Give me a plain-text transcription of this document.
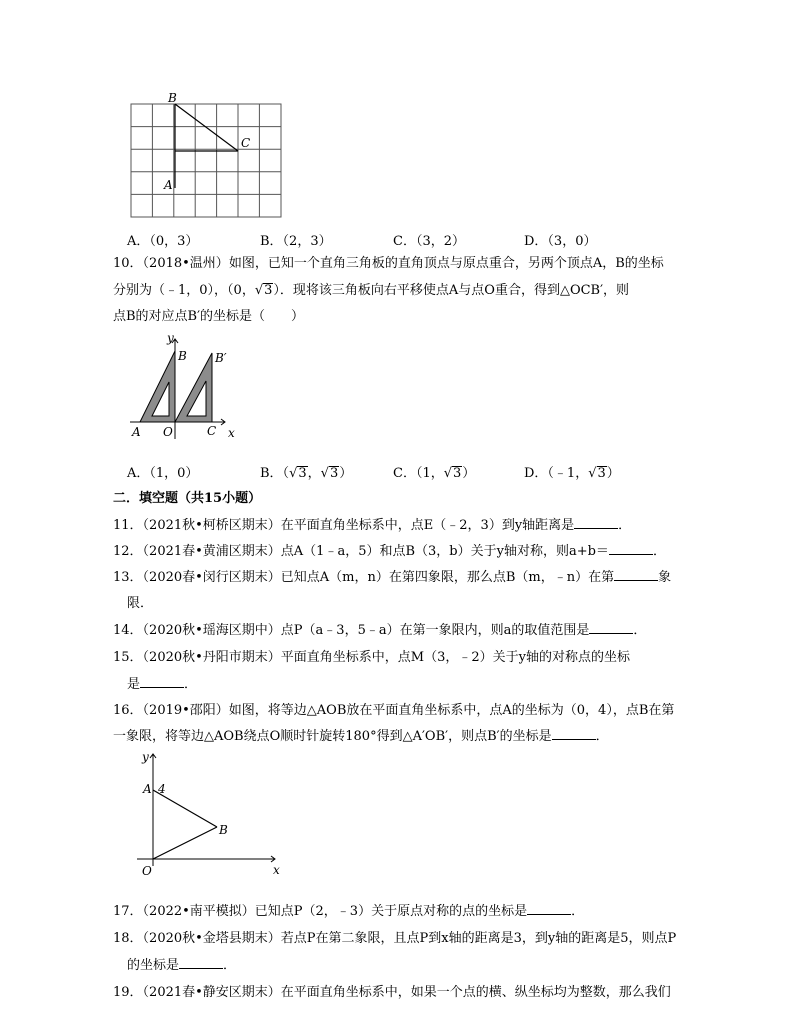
B
C
A
A．（0，3）	B．（2，3）	C．（3，2）	D．（3，0）
10．（2018•温州）如图，已知一个直角三角板的直角顶点与原点重合，另两个顶点A，B的坐标
分别为（﹣1，0），（0，√3）．现将该三角板向右平移使点A与点O重合，得到△OCB′，则
点B的对应点B′的坐标是（　　）
y
B B′
A O	C x
A．（1，0）	B．（√3，√3）	C．（1，√3）	D．（﹣1，√3）
二．填空题（共15小题）
11．（2021秋•柯桥区期末）在平面直角坐标系中，点E（﹣2，3）到y轴距离是	．
12．（2021春•黄浦区期末）点A（1﹣a，5）和点B（3，b）关于y轴对称，则a+b＝	．
13．（2020春•闵行区期末）已知点A（m，n）在第四象限，那么点B（m，﹣n）在第	象
限．
14．（2020秋•瑶海区期中）点P（a﹣3，5﹣a）在第一象限内，则a的取值范围是	．
15．（2020秋•丹阳市期末）平面直角坐标系中，点M（3，﹣2）关于y轴的对称点的坐标
是	．
16．（2019•邵阳）如图，将等边△AOB放在平面直角坐标系中，点A的坐标为（0，4），点B在第
一象限，将等边△AOB绕点O顺时针旋转180°得到△A′OB′，则点B′的坐标是	．
y
A 4
B
O	x
17．（2022•南平模拟）已知点P（2，﹣3）关于原点对称的点的坐标是	．
18．（2020秋•金塔县期末）若点P在第二象限，且点P到x轴的距离是3，到y轴的距离是5，则点P
的坐标是	．
19．（2021春•静安区期末）在平面直角坐标系中，如果一个点的横、纵坐标均为整数，那么我们
